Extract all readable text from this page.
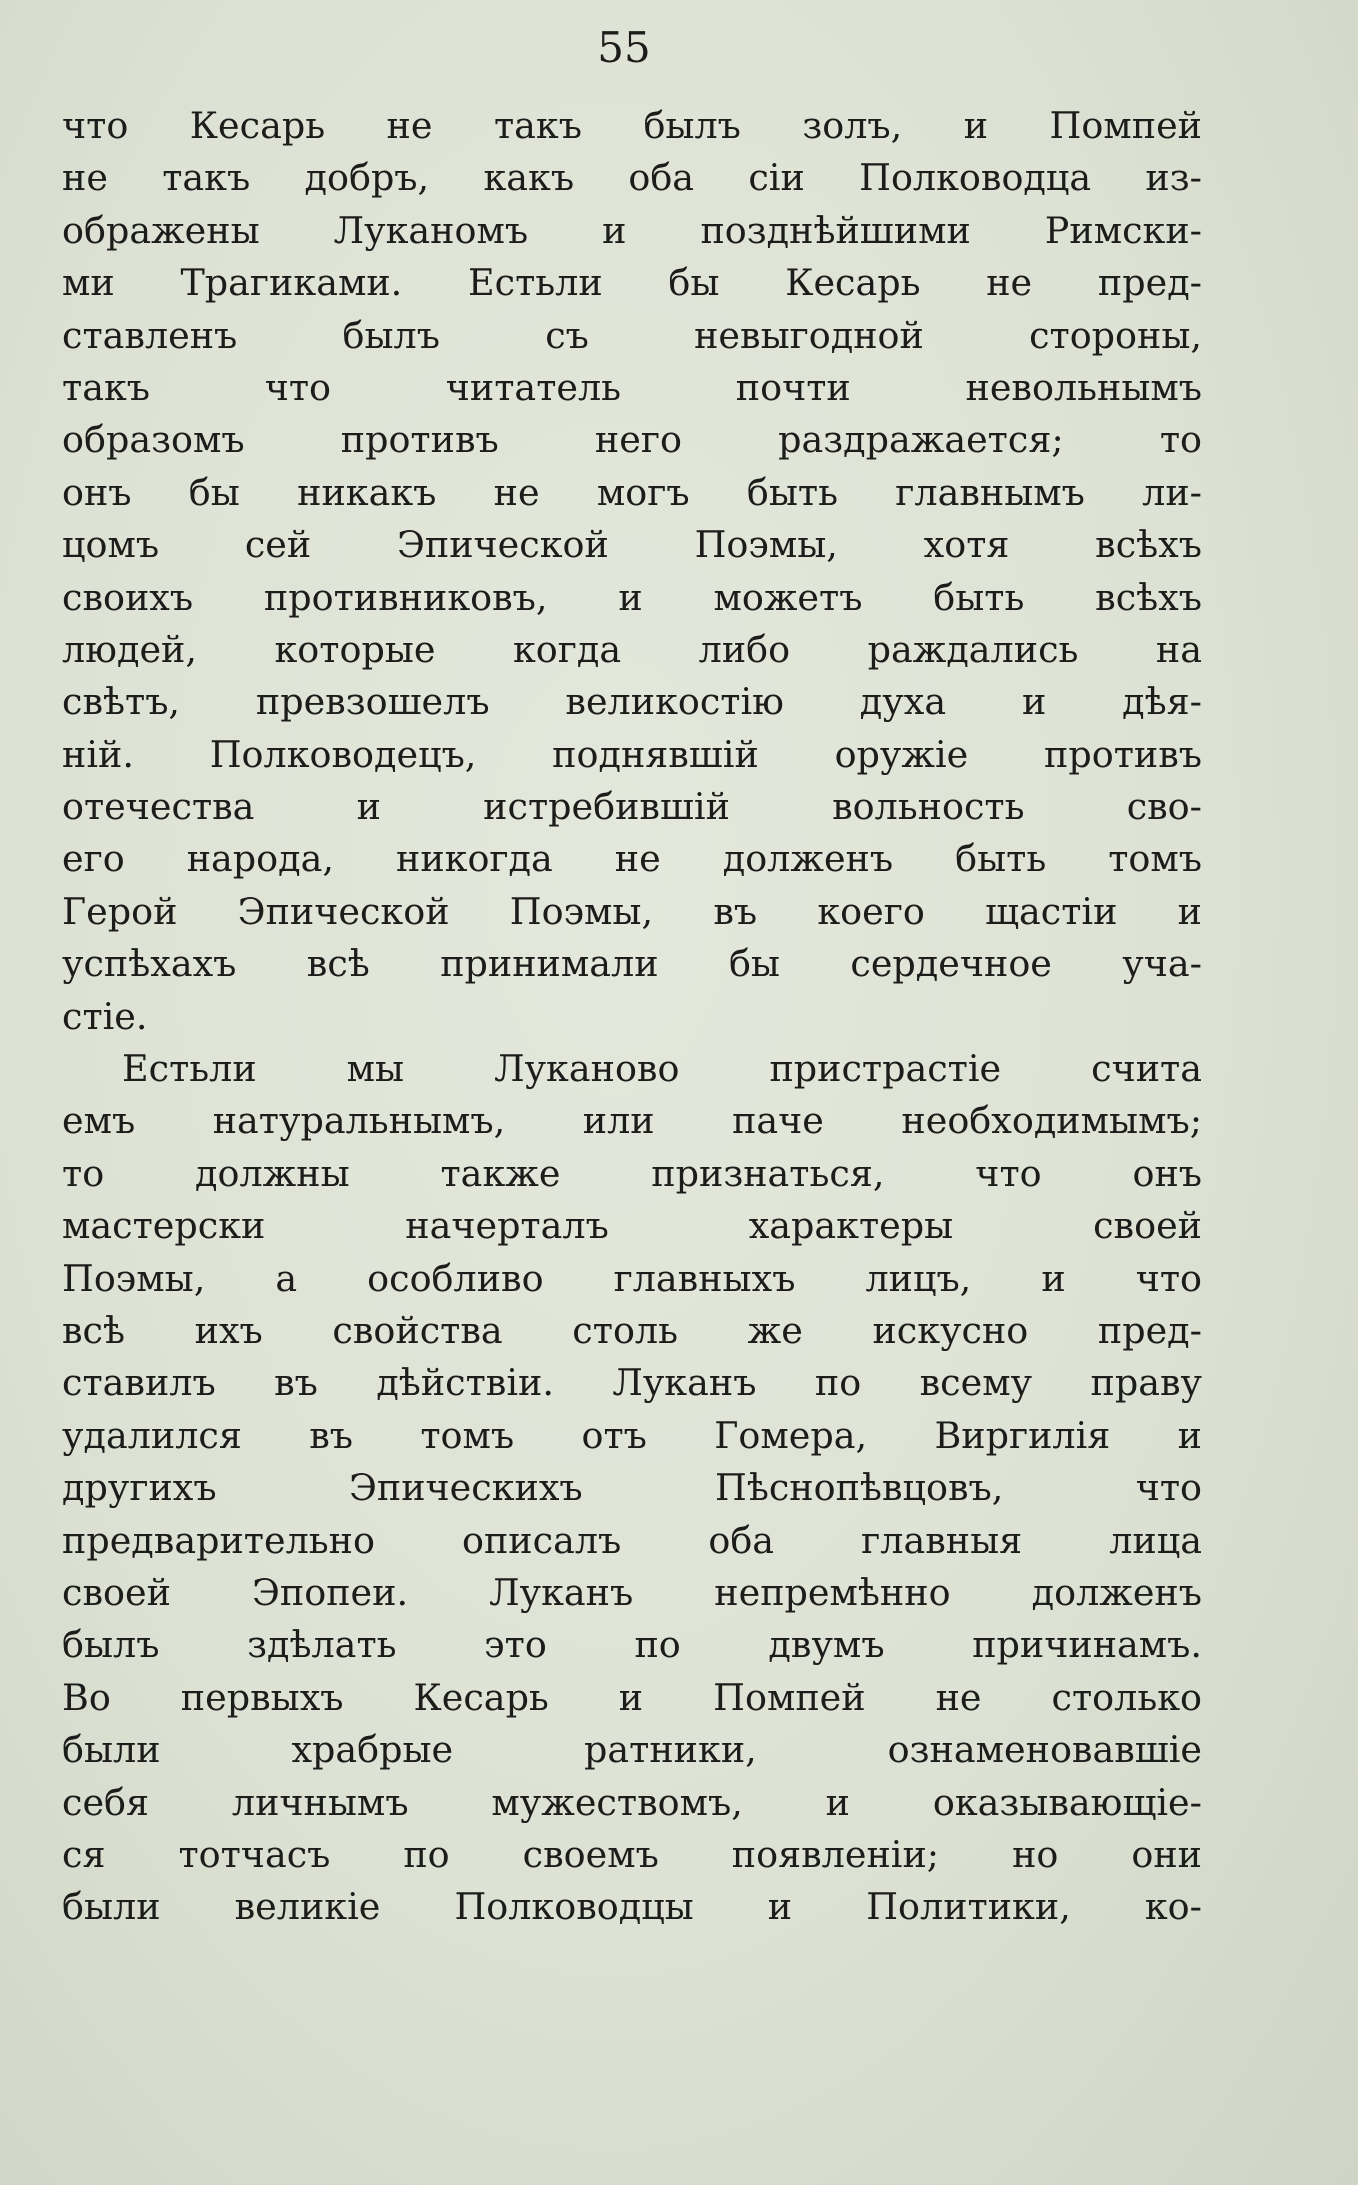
55
что Кесарь не такъ былъ золъ, и Помпей
не такъ добръ, какъ оба сіи Полководца из-
ображены Луканомъ и позднѣйшими Римски-
ми Трагиками. Естьли бы Кесарь не пред-
ставленъ былъ съ невыгодной стороны,
такъ что читатель почти невольнымъ
образомъ противъ него раздражается; то
онъ бы никакъ не могъ быть главнымъ ли-
цомъ сей Эпической Поэмы, хотя всѣхъ
своихъ противниковъ, и можетъ быть всѣхъ
людей, которые когда либо раждались на
свѣтъ, превзошелъ великостію духа и дѣя-
ній. Полководецъ, поднявшій оружіе противъ
отечества и истребившій вольность сво-
его народа, никогда не долженъ быть томъ
Герой Эпической Поэмы, въ коего щастіи и
успѣхахъ всѣ принимали бы сердечное уча-
стіе.
Естьли мы Луканово пристрастіе счита
емъ натуральнымъ, или паче необходимымъ;
то должны также признаться, что онъ
мастерски начерталъ характеры своей
Поэмы, а особливо главныхъ лицъ, и что
всѣ ихъ свойства столь же искусно пред-
ставилъ въ дѣйствіи. Луканъ по всему праву
удалился въ томъ отъ Гомера, Виргилія и
другихъ Эпическихъ Пѣснопѣвцовъ, что
предварительно описалъ оба главныя лица
своей Эпопеи. Луканъ непремѣнно долженъ
былъ здѣлать это по двумъ причинамъ.
Во первыхъ Кесарь и Помпей не столько
были храбрые ратники, ознаменовавшіе
себя личнымъ мужествомъ, и оказывающіе-
ся тотчасъ по своемъ появленіи; но они
были великіе Полководцы и Политики, ко-
